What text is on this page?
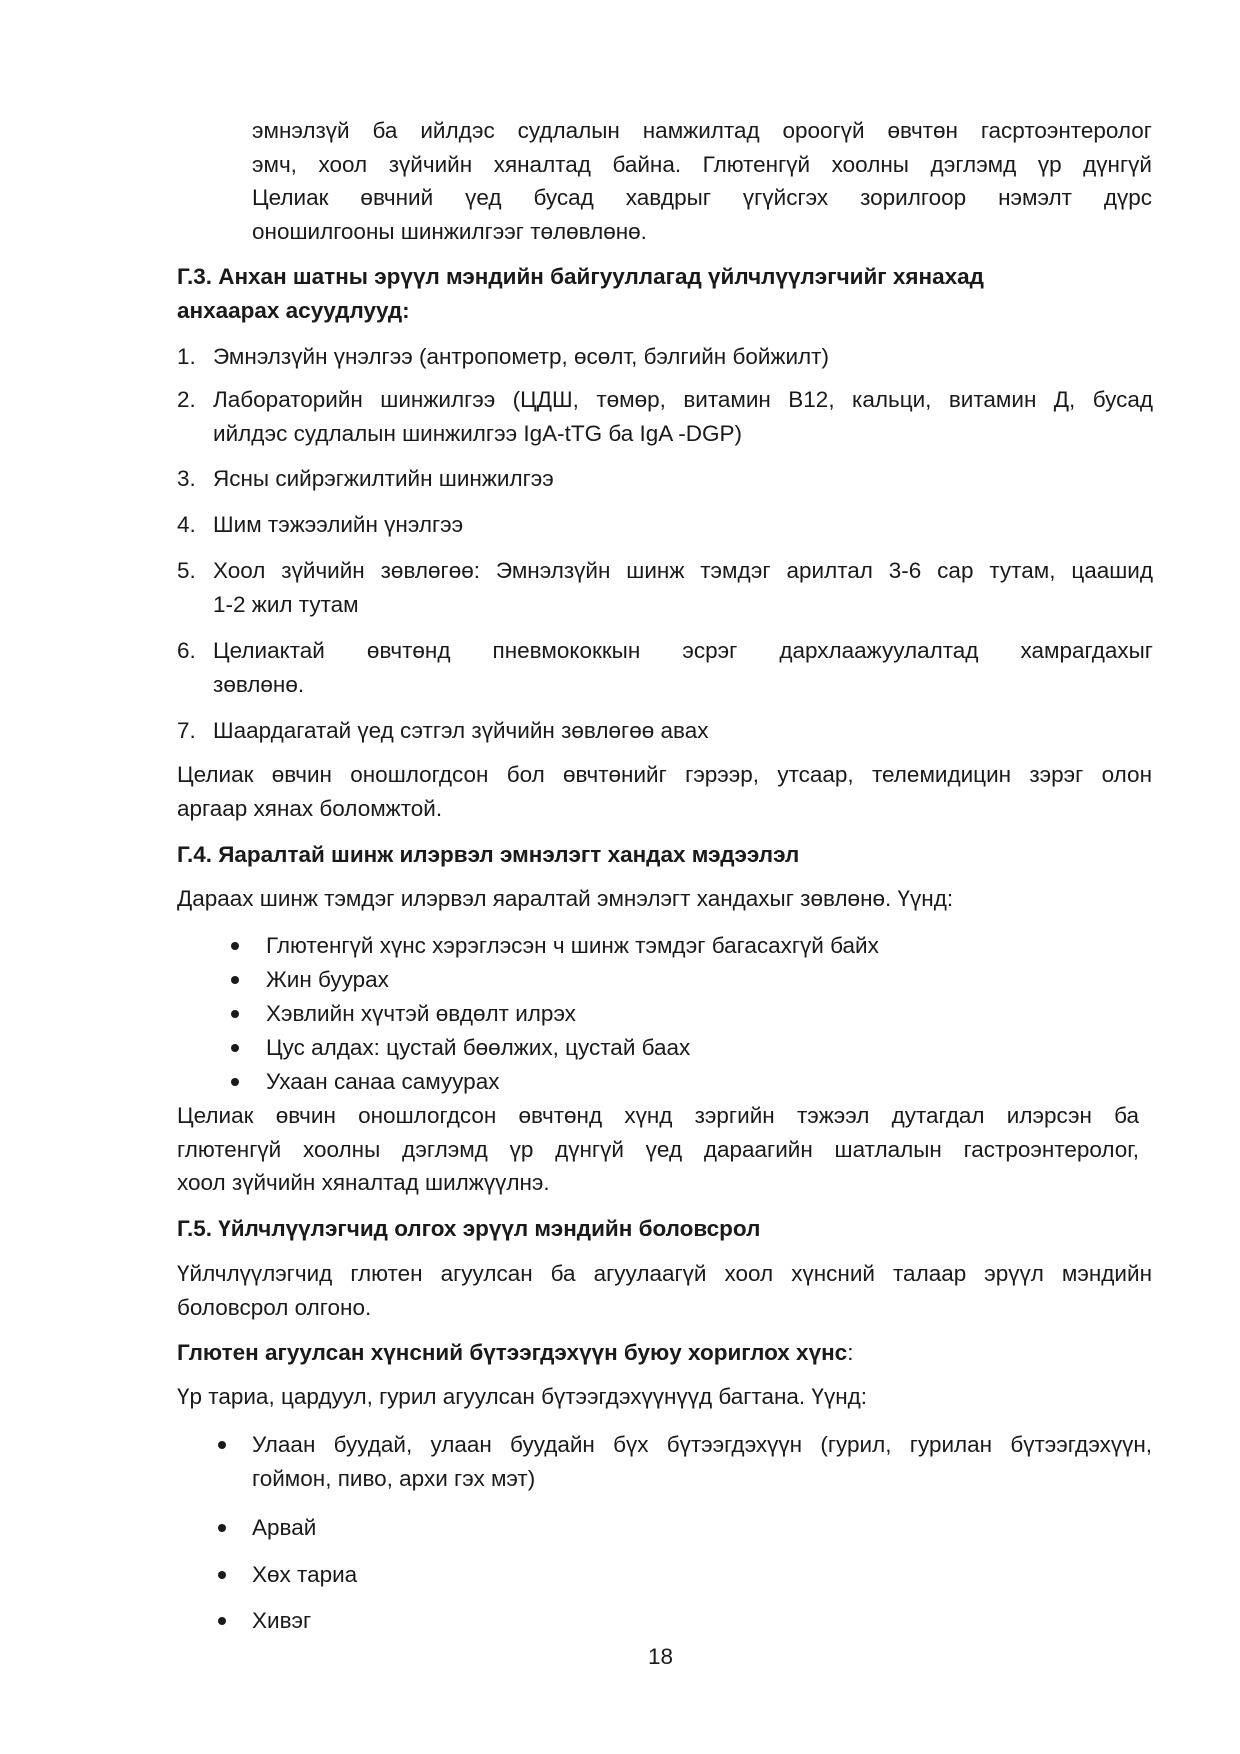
эмнэлзүй ба ийлдэс судлалын намжилтад ороогүй өвчтөн гасртоэнтеролог
эмч, хоол зүйчийн хяналтад байна. Глютенгүй хоолны дэглэмд үр дүнгүй
Целиак өвчний үед бусад хавдрыг үгүйсгэх зорилгоор нэмэлт дүрс
оношилгооны шинжилгээг төлөвлөнө.
Г.3. Анхан шатны эрүүл мэндийн байгууллагад үйлчлүүлэгчийг хянахад
анхаарах асуудлууд:
1. Эмнэлзүйн үнэлгээ (антропометр, өсөлт, бэлгийн бойжилт)
2. Лабораторийн шинжилгээ (ЦДШ, төмөр, витамин B12, кальци, витамин Д, бусад
ийлдэс судлалын шинжилгээ IgA-tTG ба IgA -DGP)
3. Ясны сийрэгжилтийн шинжилгээ
4. Шим тэжээлийн үнэлгээ
5. Хоол зүйчийн зөвлөгөө: Эмнэлзүйн шинж тэмдэг арилтал 3-6 сар тутам, цаашид
1-2 жил тутам
6. Целиактай өвчтөнд пневмококкын эсрэг дархлаажуулалтад хамрагдахыг
зөвлөнө.
7. Шаардагатай үед сэтгэл зүйчийн зөвлөгөө авах
Целиак өвчин оношлогдсон бол өвчтөнийг гэрээр, утсаар, телемидицин зэрэг олон
аргаар хянах боломжтой.
Г.4. Яаралтай шинж илэрвэл эмнэлэгт хандах мэдээлэл
Дараах шинж тэмдэг илэрвэл яаралтай эмнэлэгт хандахыг зөвлөнө. Үүнд:
Глютенгүй хүнс хэрэглэсэн ч шинж тэмдэг багасахгүй байх
Жин буурах
Хэвлийн хүчтэй өвдөлт илрэх
Цус алдах: цустай бөөлжих, цустай баах
Ухаан санаа самуурах
Целиак өвчин оношлогдсон өвчтөнд хүнд зэргийн тэжээл дутагдал илэрсэн ба
глютенгүй хоолны дэглэмд үр дүнгүй үед дараагийн шатлалын гастроэнтеролог,
хоол зүйчийн хяналтад шилжүүлнэ.
Г.5. Үйлчлүүлэгчид олгох эрүүл мэндийн боловсрол
Үйлчлүүлэгчид глютен агуулсан ба агуулаагүй хоол хүнсний талаар эрүүл мэндийн
боловсрол олгоно.
Глютен агуулсан хүнсний бүтээгдэхүүн буюу хориглох хүнс:
Үр тариа, цардуул, гурил агуулсан бүтээгдэхүүнүүд багтана. Үүнд:
Улаан буудай, улаан буудайн бүх бүтээгдэхүүн (гурил, гурилан бүтээгдэхүүн,
гоймон, пиво, архи гэх мэт)
Арвай
Хөх тариа
Хивэг
18
